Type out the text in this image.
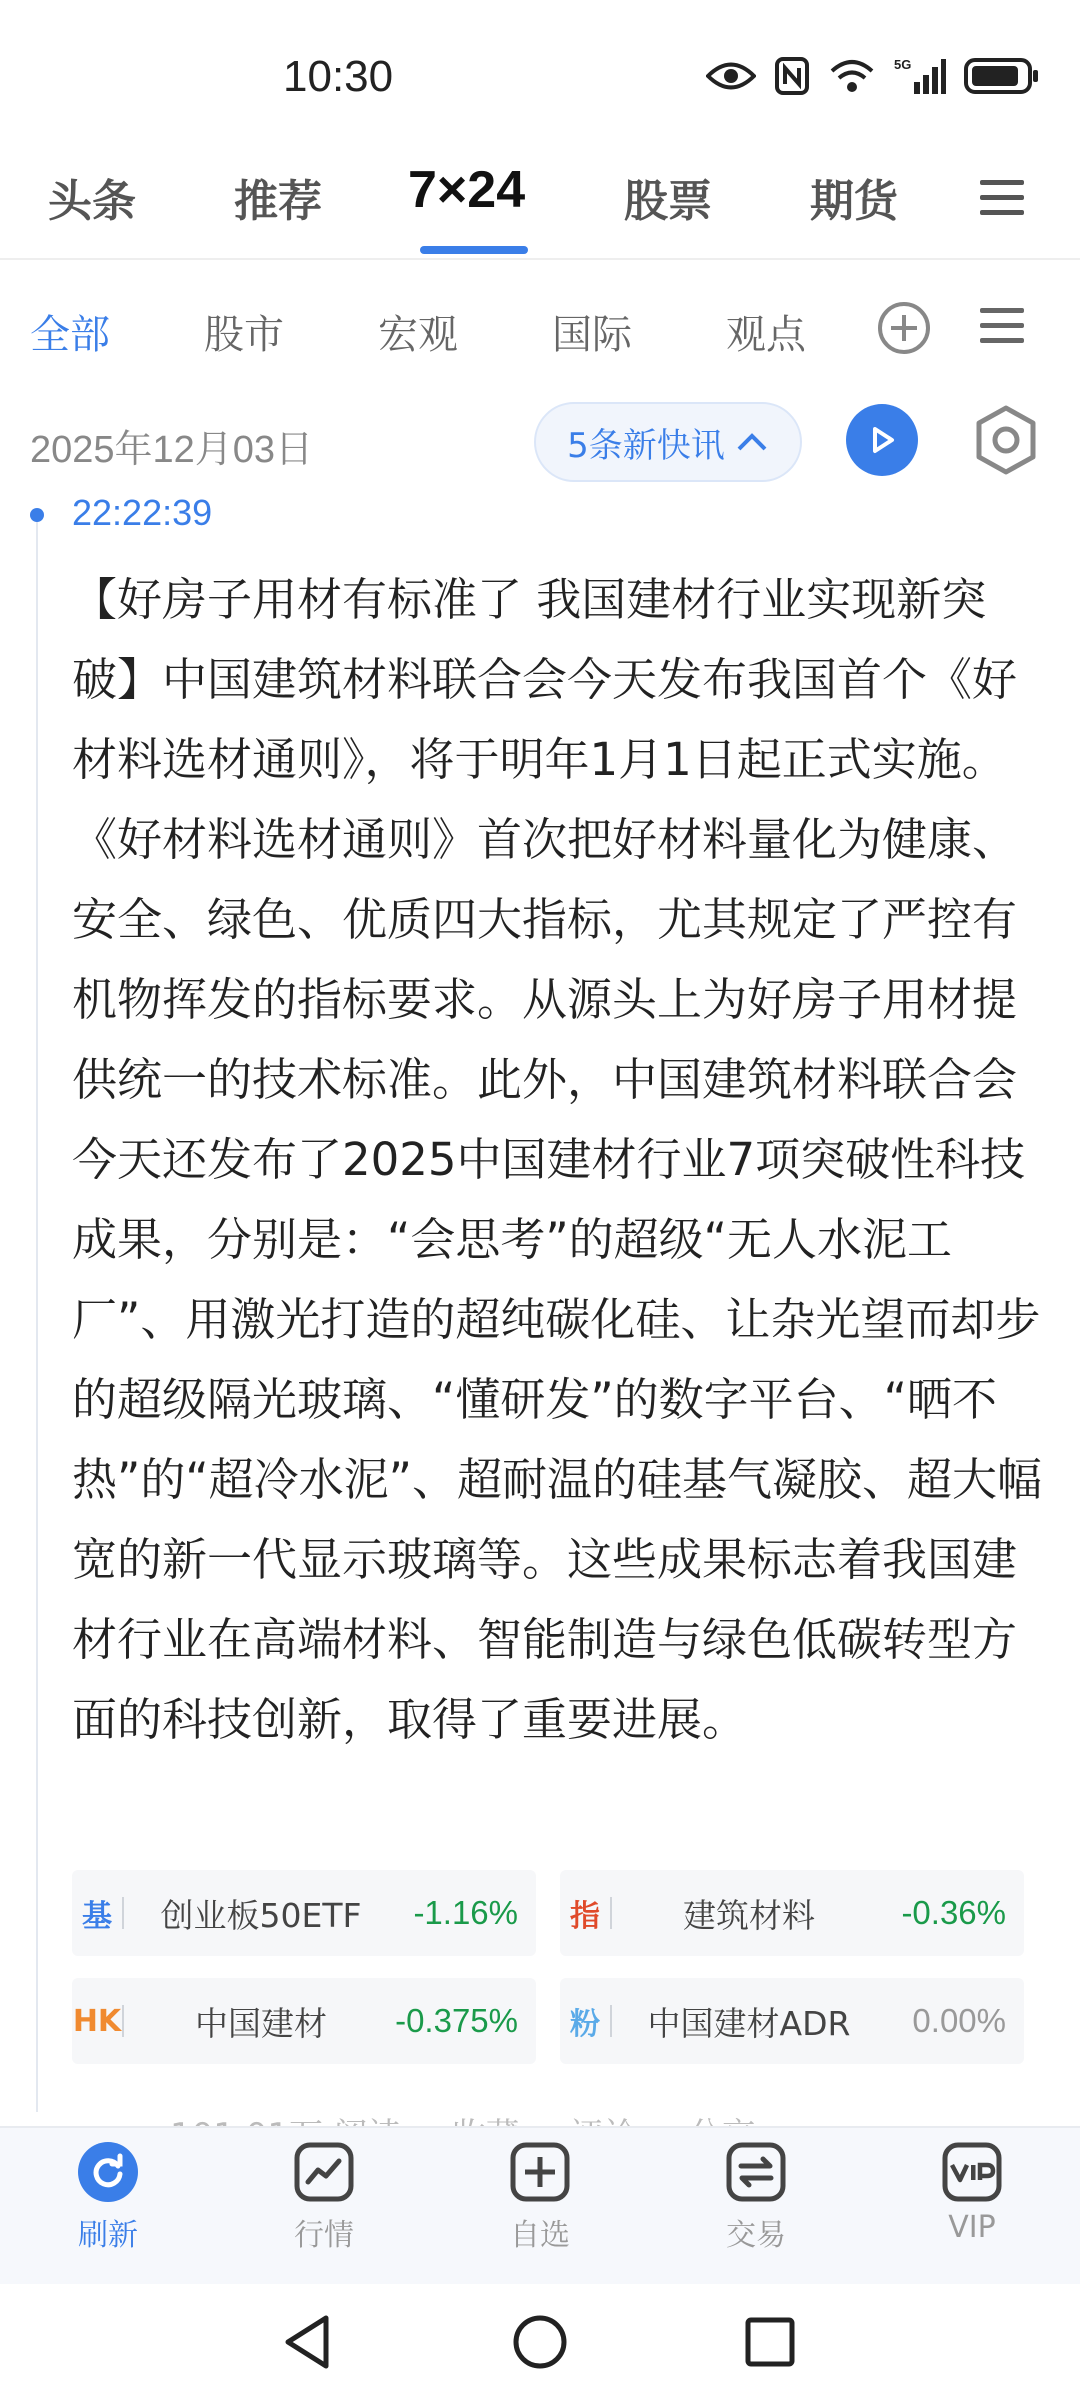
10:30	5G
头条 推荐 7×24 股票 期货
全部 股市 宏观 国际 观点
2025年12月03日	5条新快讯
22:22:39
【好房子用材有标准了 我国建材行业实现新突破】中国建筑材料联合会今天发布我国首个《好材料选材通则》，将于明年1月1日起正式实施。《好材料选材通则》首次把好材料量化为健康、安全、绿色、优质四大指标，尤其规定了严控有机物挥发的指标要求。从源头上为好房子用材提供统一的技术标准。此外，中国建筑材料联合会今天还发布了2025中国建材行业7项突破性科技成果，分别是：“会思考”的超级“无人水泥工厂”、用激光打造的超纯碳化硅、让杂光望而却步的超级隔光玻璃、“懂研发”的数字平台、“晒不热”的“超冷水泥”、超耐温的硅基气凝胶、超大幅宽的新一代显示玻璃等。这些成果标志着我国建材行业在高端材料、智能制造与绿色低碳转型方面的科技创新，取得了重要进展。
基	创业板50ETF	-1.16%	指	建筑材料	-0.36%
HK	中国建材	-0.375%	粉	中国建材ADR	0.00%
刷新	行情	自选	交易	VIP
